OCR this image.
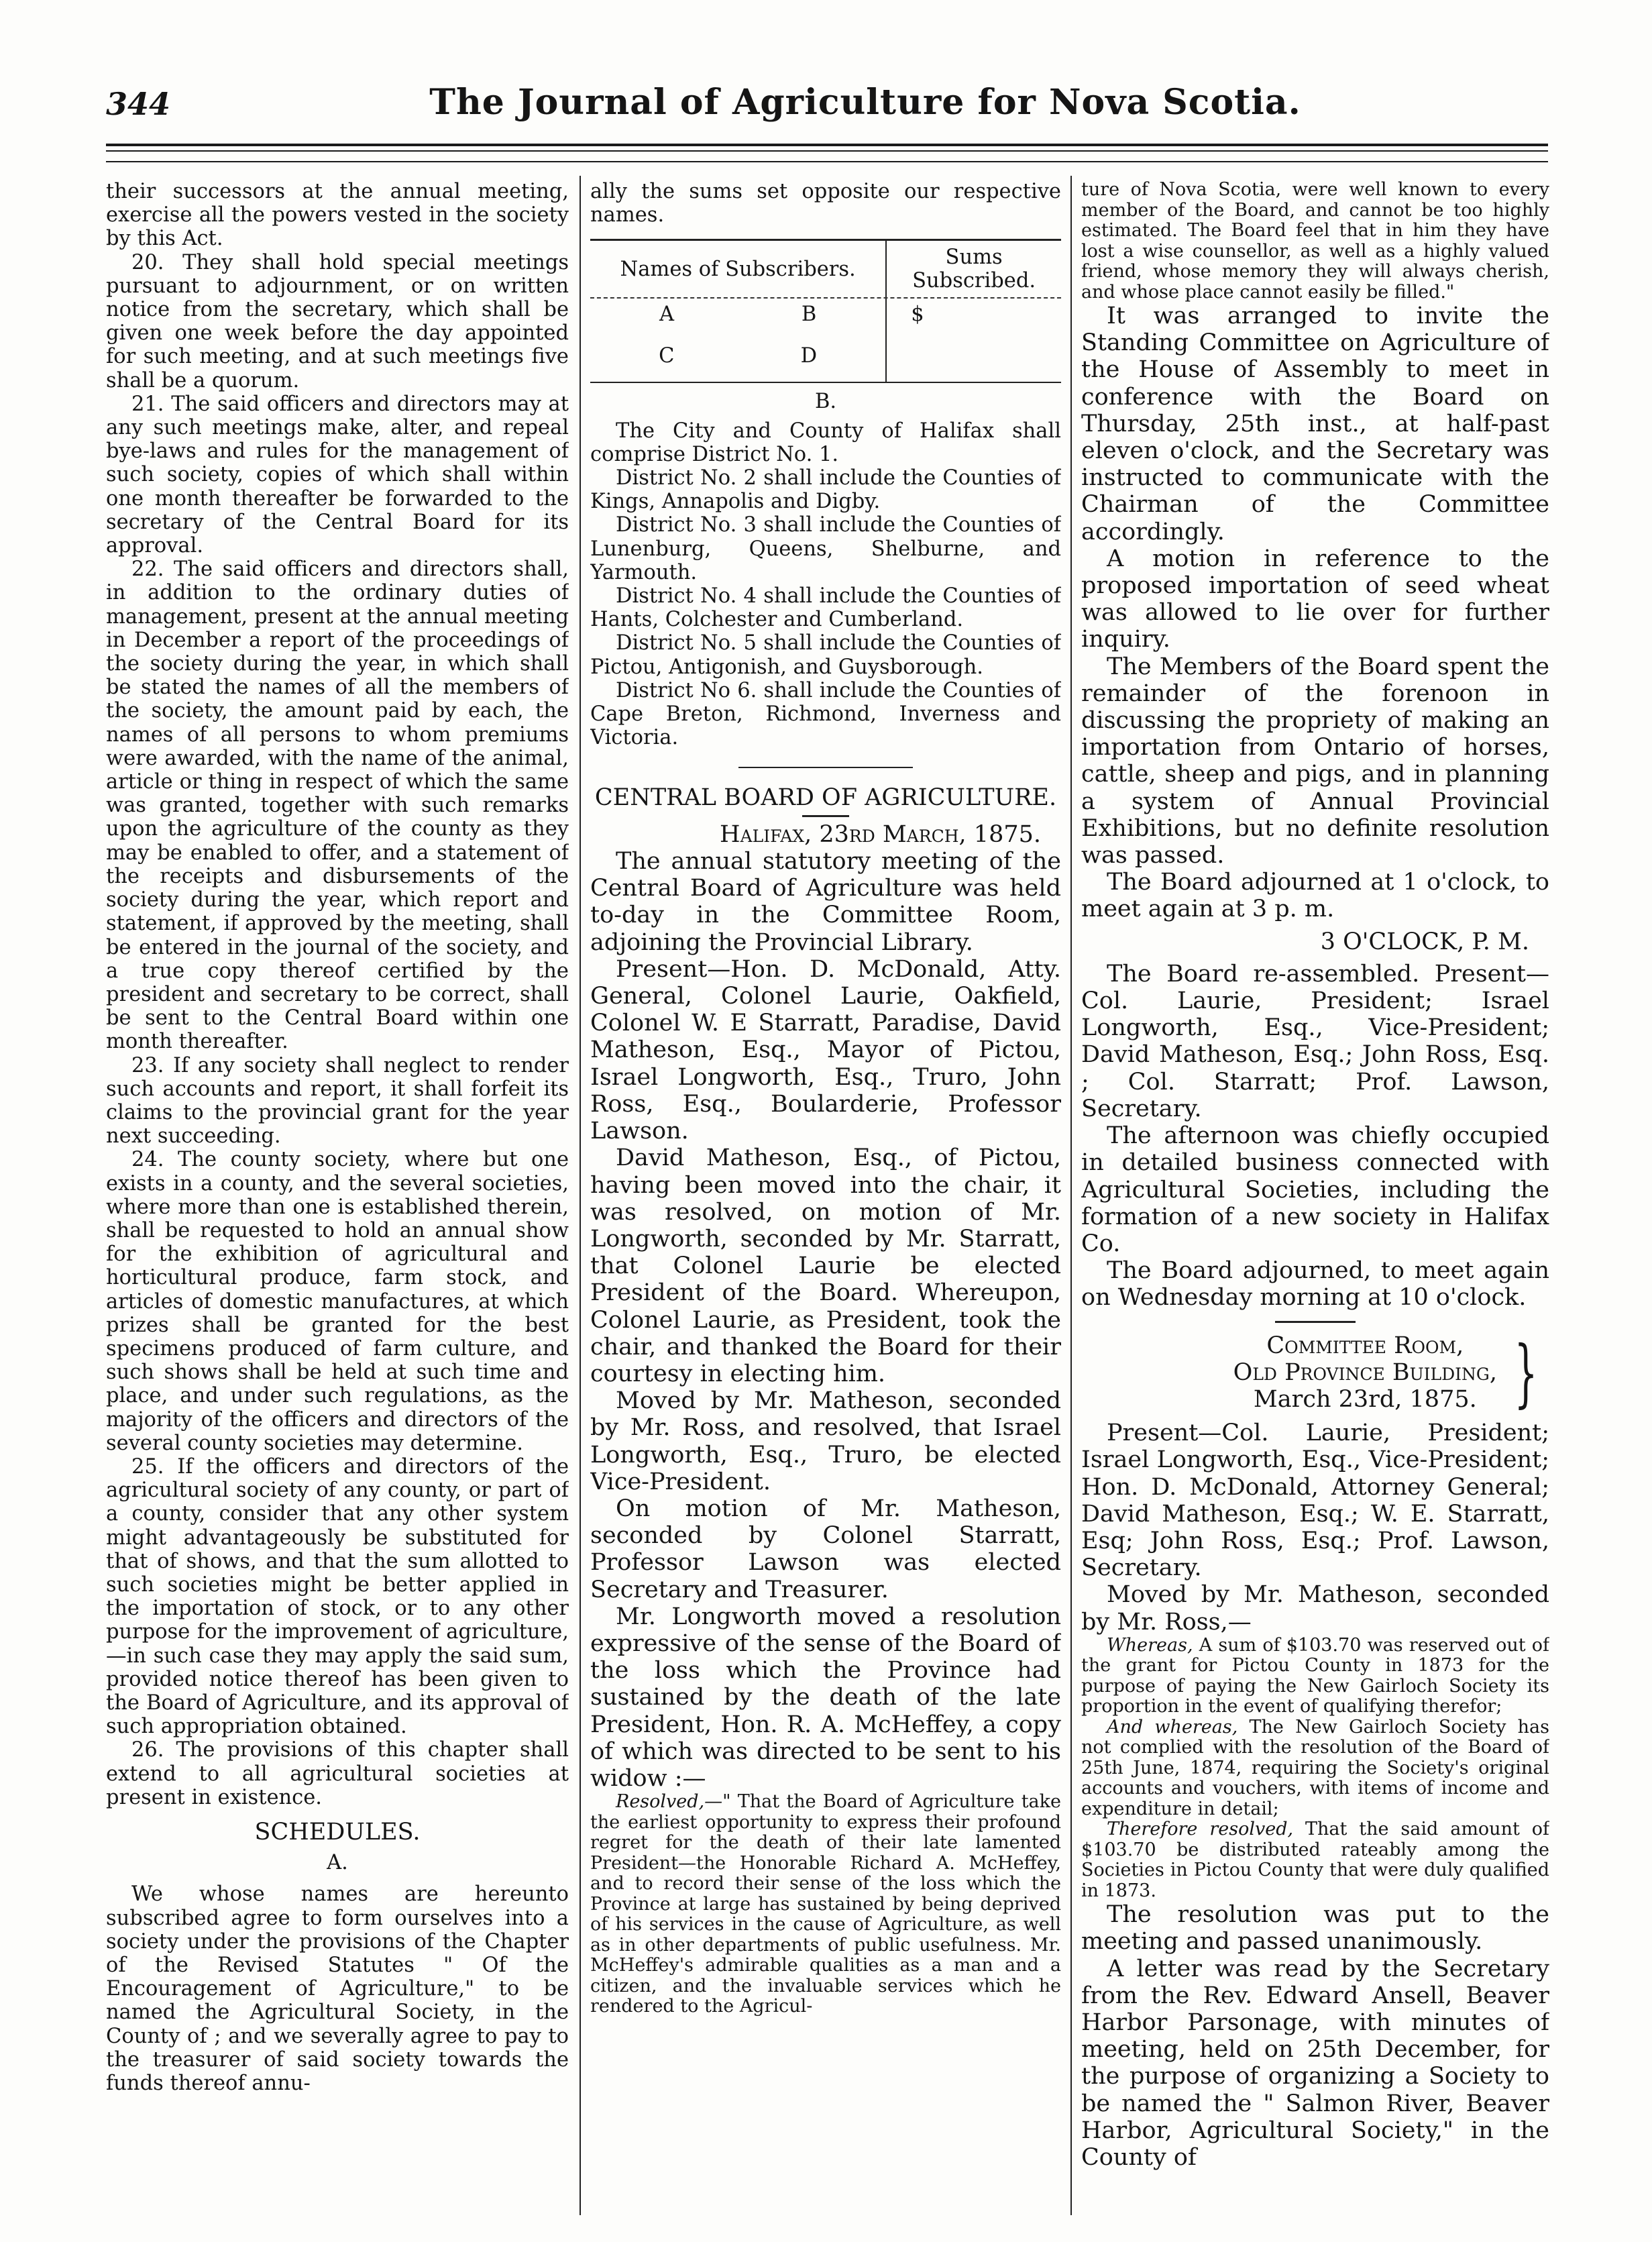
344	The Journal of Agriculture for Nova Scotia.

their successors at the annual meeting, exercise all the powers vested in the society by this Act.

20. They shall hold special meetings pursuant to adjournment, or on written notice from the secretary, which shall be given one week before the day appointed for such meeting, and at such meetings five shall be a quorum.

21. The said officers and directors may at any such meetings make, alter, and repeal bye-laws and rules for the management of such society, copies of which shall within one month thereafter be forwarded to the secretary of the Central Board for its approval.

22. The said officers and directors shall, in addition to the ordinary duties of management, present at the annual meeting in December a report of the proceedings of the society during the year, in which shall be stated the names of all the members of the society, the amount paid by each, the names of all persons to whom premiums were awarded, with the name of the animal, article or thing in respect of which the same was granted, together with such remarks upon the agriculture of the county as they may be enabled to offer, and a statement of the receipts and disbursements of the society during the year, which report and statement, if approved by the meeting, shall be entered in the journal of the society, and a true copy thereof certified by the president and secretary to be correct, shall be sent to the Central Board within one month thereafter.

23. If any society shall neglect to render such accounts and report, it shall forfeit its claims to the provincial grant for the year next succeeding.

24. The county society, where but one exists in a county, and the several societies, where more than one is established therein, shall be requested to hold an annual show for the exhibition of agricultural and horticultural produce, farm stock, and articles of domestic manufactures, at which prizes shall be granted for the best specimens produced of farm culture, and such shows shall be held at such time and place, and under such regulations, as the majority of the officers and directors of the several county societies may determine.

25. If the officers and directors of the agricultural society of any county, or part of a county, consider that any other system might advantageously be substituted for that of shows, and that the sum allotted to such societies might be better applied in the importation of stock, or to any other purpose for the improvement of agriculture,—in such case they may apply the said sum, provided notice thereof has been given to the Board of Agriculture, and its approval of such appropriation obtained.

26. The provisions of this chapter shall extend to all agricultural societies at present in existence.

SCHEDULES.

A.

We whose names are hereunto subscribed agree to form ourselves into a society under the provisions of the Chapter of the Revised Statutes " Of the Encouragement of Agriculture," to be named the Agricultural Society, in the County of ; and we severally agree to pay to the treasurer of said society towards the funds thereof annu-

ally the sums set opposite our respective names.

Names of Subscribers.
Sums Subscribed.
A	B	$
C	D

B.

The City and County of Halifax shall comprise District No. 1.

District No. 2 shall include the Counties of Kings, Annapolis and Digby.

District No. 3 shall include the Counties of Lunenburg, Queens, Shelburne, and Yarmouth.

District No. 4 shall include the Counties of Hants, Colchester and Cumberland.

District No. 5 shall include the Counties of Pictou, Antigonish, and Guysborough.

District No 6. shall include the Counties of Cape Breton, Richmond, Inverness and Victoria.

CENTRAL BOARD OF AGRICULTURE.

Halifax, 23rd March, 1875.

The annual statutory meeting of the Central Board of Agriculture was held to-day in the Committee Room, adjoining the Provincial Library.

Present—Hon. D. McDonald, Atty. General, Colonel Laurie, Oakfield, Colonel W. E Starratt, Paradise, David Matheson, Esq., Mayor of Pictou, Israel Longworth, Esq., Truro, John Ross, Esq., Boularderie, Professor Lawson.

David Matheson, Esq., of Pictou, having been moved into the chair, it was resolved, on motion of Mr. Longworth, seconded by Mr. Starratt, that Colonel Laurie be elected President of the Board. Whereupon, Colonel Laurie, as President, took the chair, and thanked the Board for their courtesy in electing him.

Moved by Mr. Matheson, seconded by Mr. Ross, and resolved, that Israel Longworth, Esq., Truro, be elected Vice-President.

On motion of Mr. Matheson, seconded by Colonel Starratt, Professor Lawson was elected Secretary and Treasurer.

Mr. Longworth moved a resolution expressive of the sense of the Board of the loss which the Province had sustained by the death of the late President, Hon. R. A. McHeffey, a copy of which was directed to be sent to his widow :—

Resolved,—" That the Board of Agriculture take the earliest opportunity to express their profound regret for the death of their late lamented President—the Honorable Richard A. McHeffey, and to record their sense of the loss which the Province at large has sustained by being deprived of his services in the cause of Agriculture, as well as in other departments of public usefulness. Mr. McHeffey's admirable qualities as a man and a citizen, and the invaluable services which he rendered to the Agricul-

ture of Nova Scotia, were well known to every member of the Board, and cannot be too highly estimated. The Board feel that in him they have lost a wise counsellor, as well as a highly valued friend, whose memory they will always cherish, and whose place cannot easily be filled."

It was arranged to invite the Standing Committee on Agriculture of the House of Assembly to meet in conference with the Board on Thursday, 25th inst., at half-past eleven o'clock, and the Secretary was instructed to communicate with the Chairman of the Committee accordingly.

A motion in reference to the proposed importation of seed wheat was allowed to lie over for further inquiry.

The Members of the Board spent the remainder of the forenoon in discussing the propriety of making an importation from Ontario of horses, cattle, sheep and pigs, and in planning a system of Annual Provincial Exhibitions, but no definite resolution was passed.

The Board adjourned at 1 o'clock, to meet again at 3 p. m.

3 O'CLOCK, P. M.

The Board re-assembled. Present—Col. Laurie, President; Israel Longworth, Esq., Vice-President; David Matheson, Esq.; John Ross, Esq. ; Col. Starratt; Prof. Lawson, Secretary.

The afternoon was chiefly occupied in detailed business connected with Agricultural Societies, including the formation of a new society in Halifax Co.

The Board adjourned, to meet again on Wednesday morning at 10 o'clock.

Committee Room,
Old Province Building,
March 23rd, 1875. }

Present—Col. Laurie, President; Israel Longworth, Esq., Vice-President; Hon. D. McDonald, Attorney General; David Matheson, Esq.; W. E. Starratt, Esq; John Ross, Esq.; Prof. Lawson, Secretary.

Moved by Mr. Matheson, seconded by Mr. Ross,—

Whereas, A sum of $103.70 was reserved out of the grant for Pictou County in 1873 for the purpose of paying the New Gairloch Society its proportion in the event of qualifying therefor;

And whereas, The New Gairloch Society has not complied with the resolution of the Board of 25th June, 1874, requiring the Society's original accounts and vouchers, with items of income and expenditure in detail;

Therefore resolved, That the said amount of $103.70 be distributed rateably among the Societies in Pictou County that were duly qualified in 1873.

The resolution was put to the meeting and passed unanimously.

A letter was read by the Secretary from the Rev. Edward Ansell, Beaver Harbor Parsonage, with minutes of meeting, held on 25th December, for the purpose of organizing a Society to be named the " Salmon River, Beaver Harbor, Agricultural Society," in the County of
